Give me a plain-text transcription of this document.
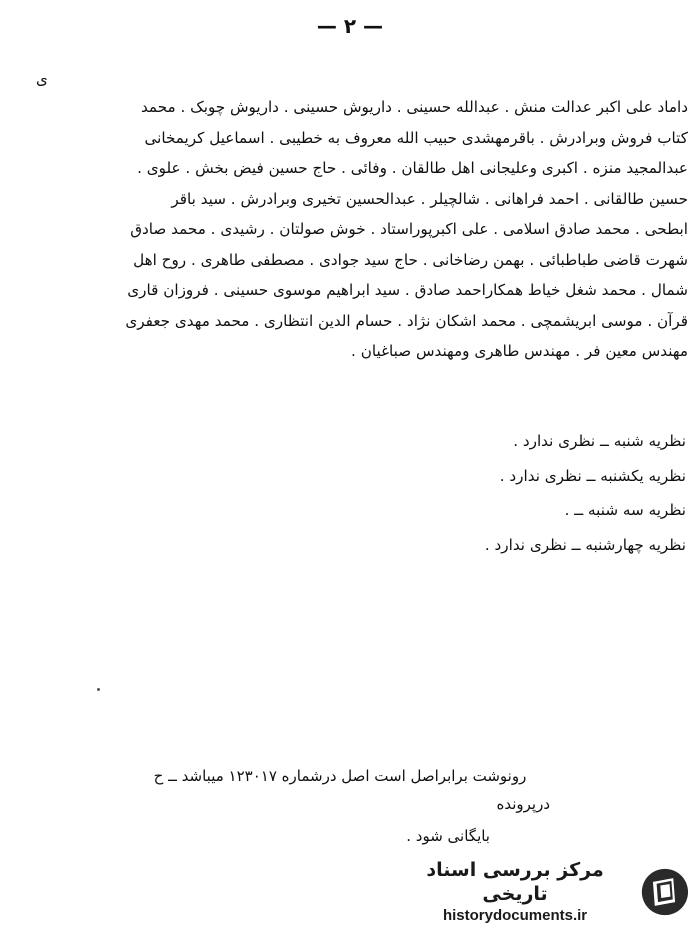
— ۲ —
ی
داماد علی اکبر عدالت منش . عبدالله حسینی . داریوش حسینی . داریوش چوبک . محمد
کتاب فروش وبرادرش . باقرمهشدی حبیب الله معروف به خطیبی . اسماعیل کریمخانی
عبدالمجید منزه . اکبری وعلیجانی اهل طالقان . وفائی . حاج حسین فیض بخش . علوی .
حسین طالقانی . احمد فراهانی . شالچیلر . عبدالحسین تخیری وبرادرش . سید باقر
ابطحی . محمد صادق اسلامی . علی اکبرپوراستاد . خوش صولتان . رشیدی . محمد صادق
شهرت قاضی طباطبائی . بهمن رضاخانی . حاج سید جوادی . مصطفی طاهری . روح اهل
شمال . محمد شغل خیاط همکاراحمد صادق . سید ابراهیم موسوی حسینی . فروزان قاری
قرآن . موسی ابریشمچی . محمد اشکان نژاد . حسام الدین انتظاری . محمد مهدی جعفری
مهندس معین فر . مهندس طاهری ومهندس صباغیان .
نظریه شنبه ــ نظری ندارد .
نظریه یکشنبه ــ نظری ندارد .
نظریه سه شنبه ــ .
نظریه چهارشنبه ــ نظری ندارد .
رونوشت برابراصل است اصل درشماره ۱۲۳۰۱۷ میباشد ــ ح
درپرونده
بایگانی شود .
مرکز بررسی اسناد تاریخی
historydocuments.ir
